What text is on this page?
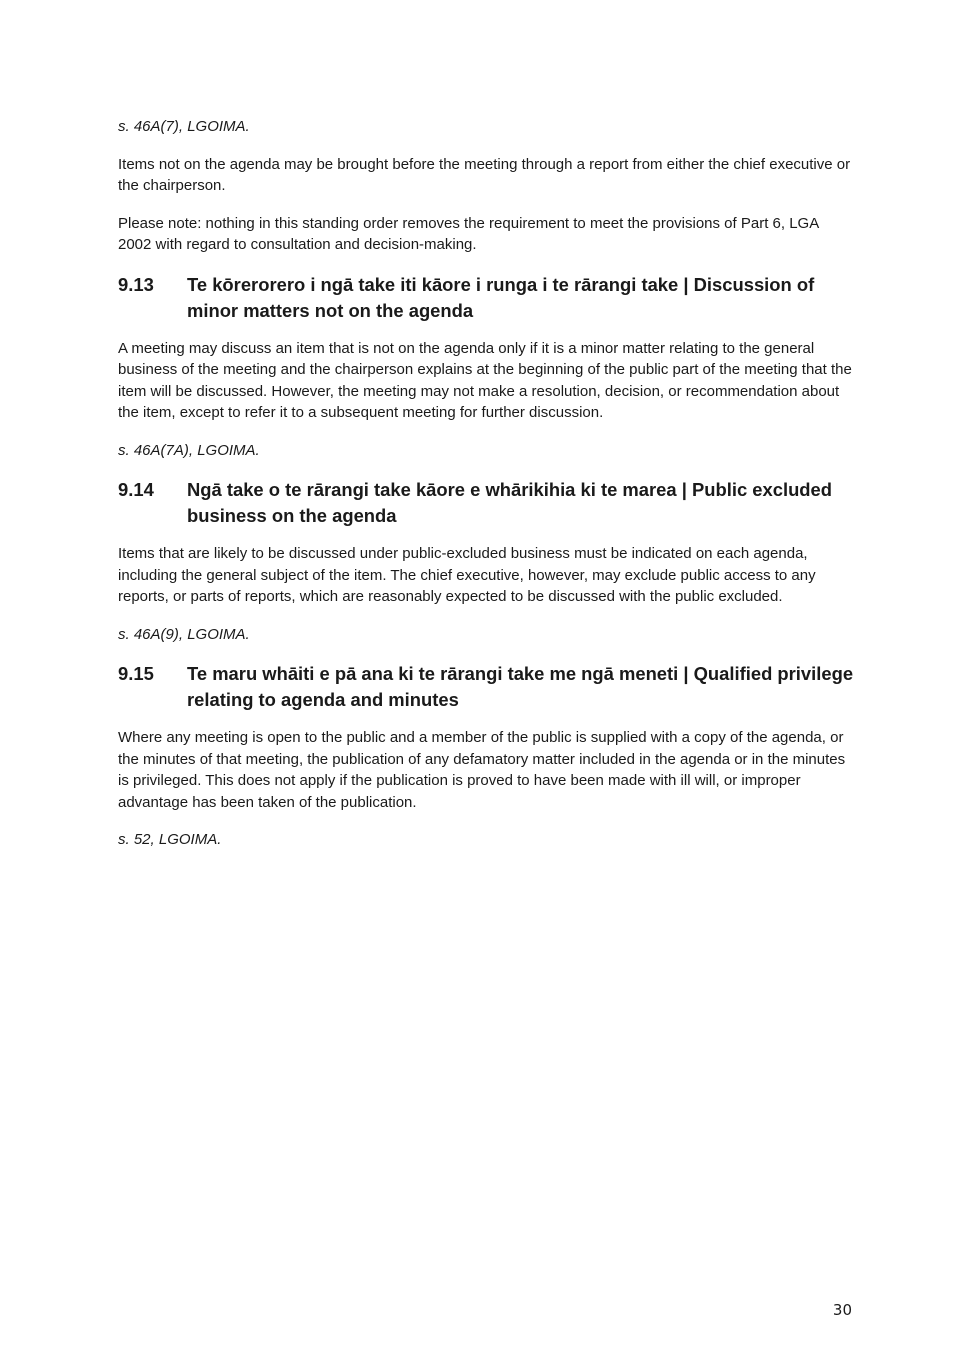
s. 46A(7), LGOIMA.

Items not on the agenda may be brought before the meeting through a report from either the chief executive or the chairperson.

Please note: nothing in this standing order removes the requirement to meet the provisions of Part 6, LGA 2002 with regard to consultation and decision-making.

9.13	Te kōrerorero i ngā take iti kāore i runga i te rārangi take | Discussion of minor matters not on the agenda

A meeting may discuss an item that is not on the agenda only if it is a minor matter relating to the general business of the meeting and the chairperson explains at the beginning of the public part of the meeting that the item will be discussed. However, the meeting may not make a resolution, decision, or recommendation about the item, except to refer it to a subsequent meeting for further discussion.

s. 46A(7A), LGOIMA.

9.14	Ngā take o te rārangi take kāore e whārikihia ki te marea | Public excluded business on the agenda

Items that are likely to be discussed under public-excluded business must be indicated on each agenda, including the general subject of the item. The chief executive, however, may exclude public access to any reports, or parts of reports, which are reasonably expected to be discussed with the public excluded.

s. 46A(9), LGOIMA.

9.15	Te maru whāiti e pā ana ki te rārangi take me ngā meneti | Qualified privilege relating to agenda and minutes

Where any meeting is open to the public and a member of the public is supplied with a copy of the agenda, or the minutes of that meeting, the publication of any defamatory matter included in the agenda or in the minutes is privileged. This does not apply if the publication is proved to have been made with ill will, or improper advantage has been taken of the publication.

s. 52, LGOIMA.

30
